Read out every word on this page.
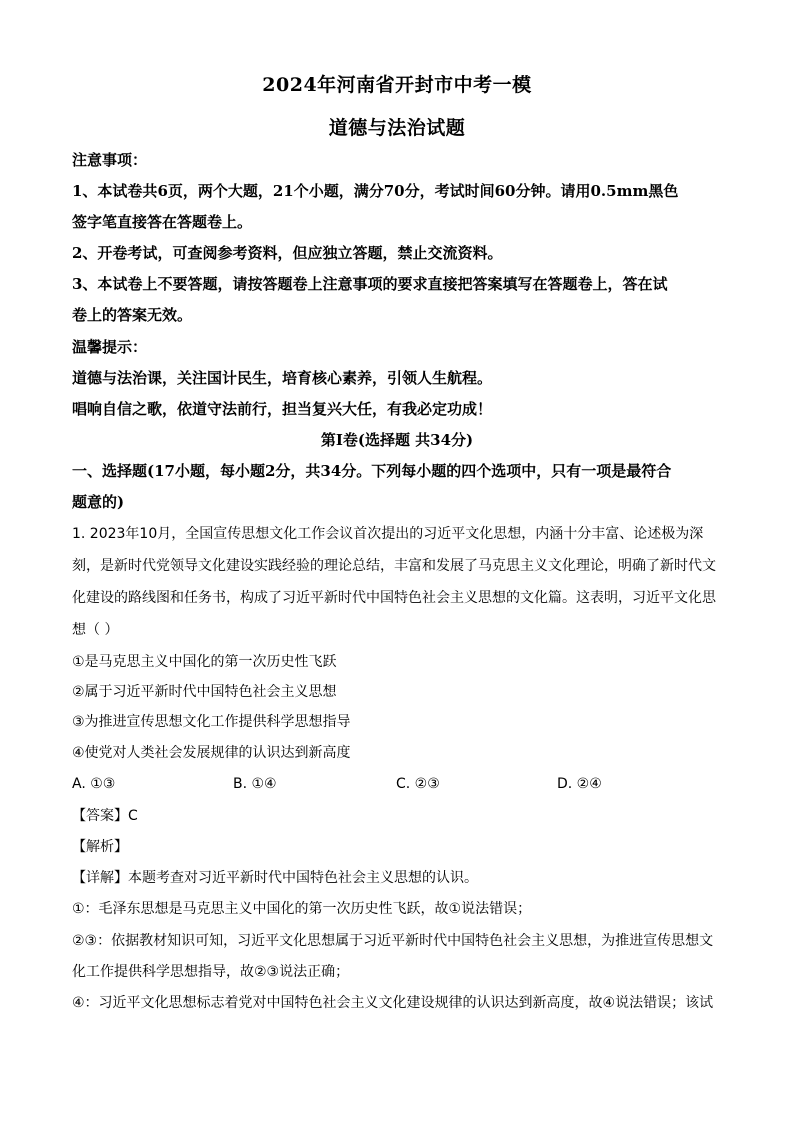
2024年河南省开封市中考一模
道德与法治试题
注意事项：
1、本试卷共6页，两个大题，21个小题，满分70分，考试时间60分钟。请用0.5mm黑色
签字笔直接答在答题卷上。
2、开卷考试，可查阅参考资料，但应独立答题，禁止交流资料。
3、本试卷上不要答题，请按答题卷上注意事项的要求直接把答案填写在答题卷上，答在试
卷上的答案无效。
温馨提示：
道德与法治课，关注国计民生，培育核心素养，引领人生航程。
唱响自信之歌，依道守法前行，担当复兴大任，有我必定功成！
第Ⅰ卷(选择题 共34分)
一、选择题(17小题，每小题2分，共34分。下列每小题的四个选项中，只有一项是最符合
题意的)
1. 2023年10月，全国宣传思想文化工作会议首次提出的习近平文化思想，内涵十分丰富、论述极为深
刻，是新时代党领导文化建设实践经验的理论总结，丰富和发展了马克思主义文化理论，明确了新时代文
化建设的路线图和任务书，构成了习近平新时代中国特色社会主义思想的文化篇。这表明，习近平文化思
想（ ）
①是马克思主义中国化的第一次历史性飞跃
②属于习近平新时代中国特色社会主义思想
③为推进宣传思想文化工作提供科学思想指导
④使党对人类社会发展规律的认识达到新高度
A. ①③	B. ①④	C. ②③	D. ②④
【答案】C
【解析】
【详解】本题考查对习近平新时代中国特色社会主义思想的认识。
①：毛泽东思想是马克思主义中国化的第一次历史性飞跃，故①说法错误；
②③：依据教材知识可知，习近平文化思想属于习近平新时代中国特色社会主义思想，为推进宣传思想文
化工作提供科学思想指导，故②③说法正确；
④：习近平文化思想标志着党对中国特色社会主义文化建设规律的认识达到新高度，故④说法错误；该试
